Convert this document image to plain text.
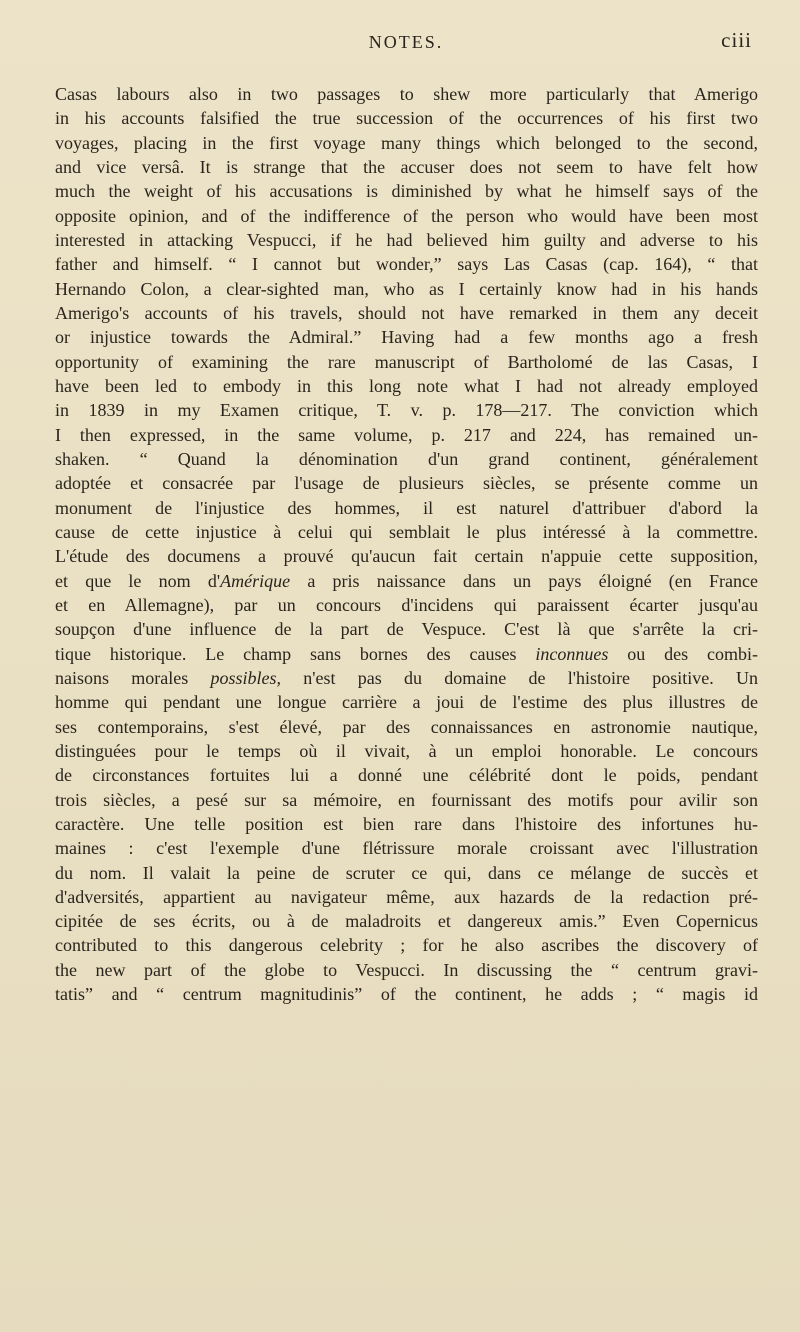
NOTES.	ciii
Casas labours also in two passages to shew more particularly that Amerigo
in his accounts falsified the true succession of the occurrences of his first two
voyages, placing in the first voyage many things which belonged to the second,
and vice versâ. It is strange that the accuser does not seem to have felt how
much the weight of his accusations is diminished by what he himself says of the
opposite opinion, and of the indifference of the person who would have been most
interested in attacking Vespucci, if he had believed him guilty and adverse to his
father and himself. “ I cannot but wonder,” says Las Casas (cap. 164), “ that
Hernando Colon, a clear-sighted man, who as I certainly know had in his hands
Amerigo's accounts of his travels, should not have remarked in them any deceit
or injustice towards the Admiral.” Having had a few months ago a fresh
opportunity of examining the rare manuscript of Bartholomé de las Casas, I
have been led to embody in this long note what I had not already employed
in 1839 in my Examen critique, T. v. p. 178—217. The conviction which
I then expressed, in the same volume, p. 217 and 224, has remained un-
shaken. “ Quand la dénomination d'un grand continent, généralement
adoptée et consacrée par l'usage de plusieurs siècles, se présente comme un
monument de l'injustice des hommes, il est naturel d'attribuer d'abord la
cause de cette injustice à celui qui semblait le plus intéressé à la commettre.
L'étude des documens a prouvé qu'aucun fait certain n'appuie cette supposition,
et que le nom d'Amérique a pris naissance dans un pays éloigné (en France
et en Allemagne), par un concours d'incidens qui paraissent écarter jusqu'au
soupçon d'une influence de la part de Vespuce. C'est là que s'arrête la cri-
tique historique. Le champ sans bornes des causes inconnues ou des combi-
naisons morales possibles, n'est pas du domaine de l'histoire positive. Un
homme qui pendant une longue carrière a joui de l'estime des plus illustres de
ses contemporains, s'est élevé, par des connaissances en astronomie nautique,
distinguées pour le temps où il vivait, à un emploi honorable. Le concours
de circonstances fortuites lui a donné une célébrité dont le poids, pendant
trois siècles, a pesé sur sa mémoire, en fournissant des motifs pour avilir son
caractère. Une telle position est bien rare dans l'histoire des infortunes hu-
maines : c'est l'exemple d'une flétrissure morale croissant avec l'illustration
du nom. Il valait la peine de scruter ce qui, dans ce mélange de succès et
d'adversités, appartient au navigateur même, aux hazards de la redaction pré-
cipitée de ses écrits, ou à de maladroits et dangereux amis.” Even Copernicus
contributed to this dangerous celebrity ; for he also ascribes the discovery of
the new part of the globe to Vespucci. In discussing the “ centrum gravi-
tatis” and “ centrum magnitudinis” of the continent, he adds ; “ magis id
